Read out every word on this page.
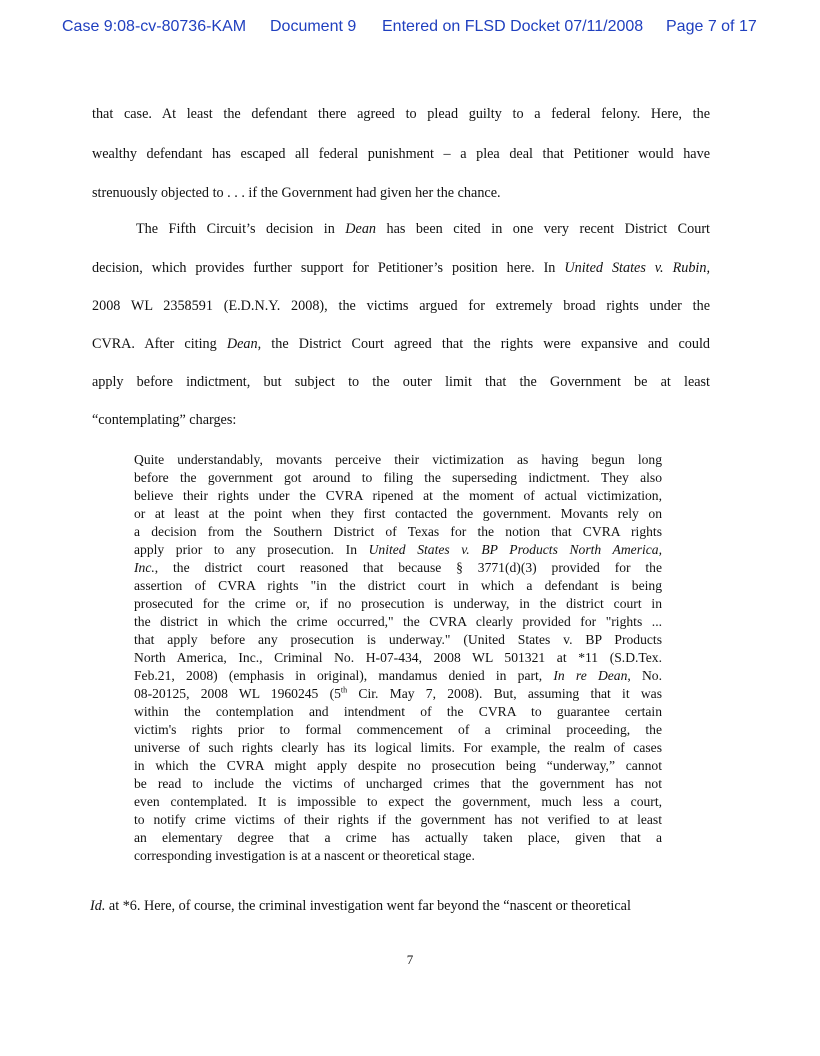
Case 9:08-cv-80736-KAM Document 9 Entered on FLSD Docket 07/11/2008 Page 7 of 17
that case. At least the defendant there agreed to plead guilty to a federal felony. Here, the
wealthy defendant has escaped all federal punishment – a plea deal that Petitioner would have
strenuously objected to . . . if the Government had given her the chance.
The Fifth Circuit’s decision in Dean has been cited in one very recent District Court
decision, which provides further support for Petitioner’s position here. In United States v. Rubin,
2008 WL 2358591 (E.D.N.Y. 2008), the victims argued for extremely broad rights under the
CVRA. After citing Dean, the District Court agreed that the rights were expansive and could
apply before indictment, but subject to the outer limit that the Government be at least
“contemplating” charges:
Quite understandably, movants perceive their victimization as having begun long
before the government got around to filing the superseding indictment. They also
believe their rights under the CVRA ripened at the moment of actual victimization,
or at least at the point when they first contacted the government. Movants rely on
a decision from the Southern District of Texas for the notion that CVRA rights
apply prior to any prosecution. In United States v. BP Products North America,
Inc., the district court reasoned that because § 3771(d)(3) provided for the
assertion of CVRA rights "in the district court in which a defendant is being
prosecuted for the crime or, if no prosecution is underway, in the district court in
the district in which the crime occurred," the CVRA clearly provided for "rights ...
that apply before any prosecution is underway." (United States v. BP Products
North America, Inc., Criminal No. H-07-434, 2008 WL 501321 at *11 (S.D.Tex.
Feb.21, 2008) (emphasis in original), mandamus denied in part, In re Dean, No.
08-20125, 2008 WL 1960245 (5th Cir. May 7, 2008). But, assuming that it was
within the contemplation and intendment of the CVRA to guarantee certain
victim's rights prior to formal commencement of a criminal proceeding, the
universe of such rights clearly has its logical limits. For example, the realm of cases
in which the CVRA might apply despite no prosecution being “underway,” cannot
be read to include the victims of uncharged crimes that the government has not
even contemplated. It is impossible to expect the government, much less a court,
to notify crime victims of their rights if the government has not verified to at least
an elementary degree that a crime has actually taken place, given that a
corresponding investigation is at a nascent or theoretical stage.
Id. at *6. Here, of course, the criminal investigation went far beyond the “nascent or theoretical
7
